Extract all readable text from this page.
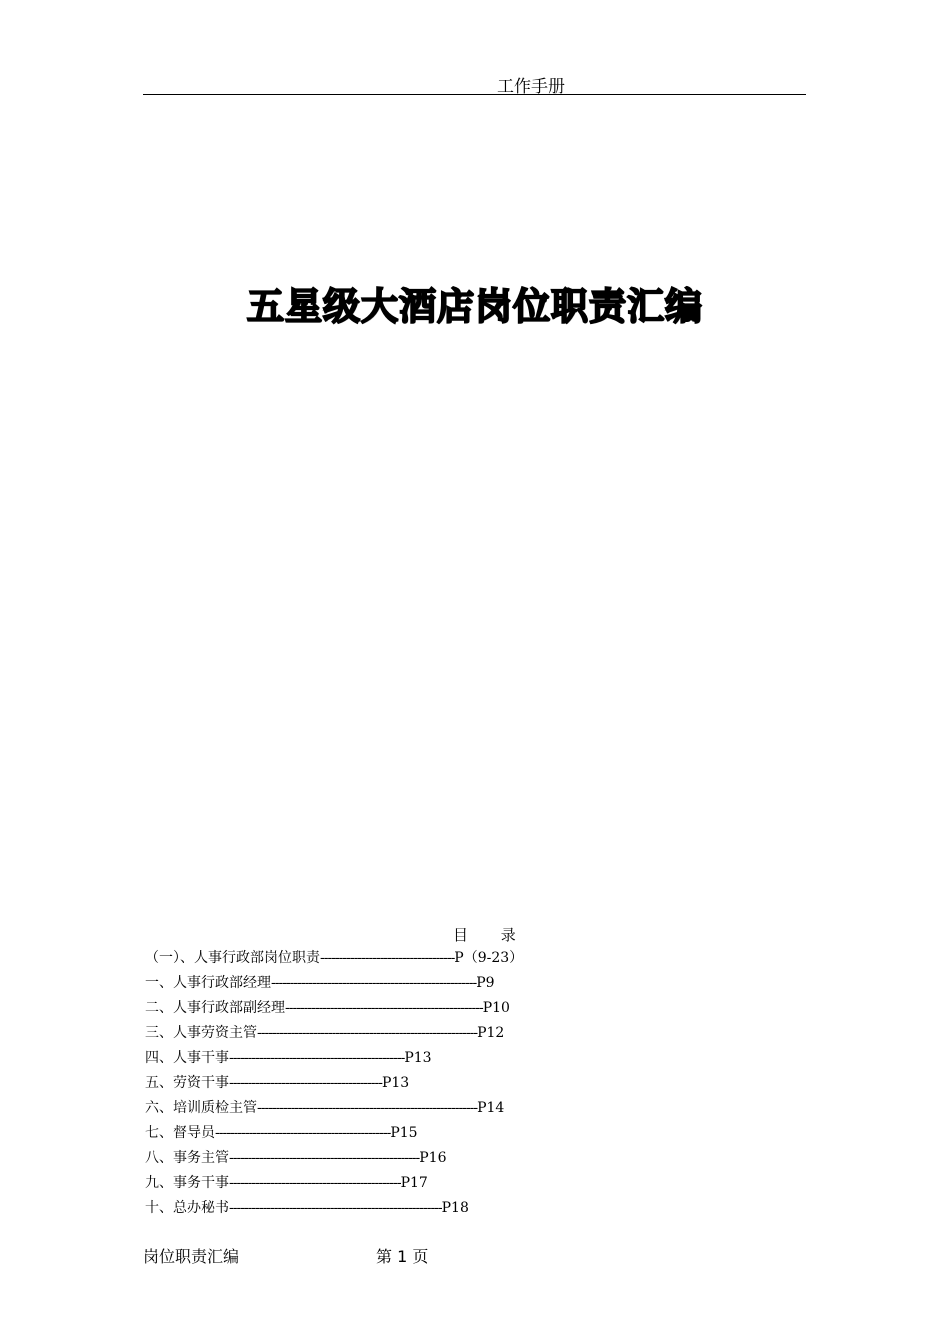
工作手册
五星级大酒店岗位职责汇编
目 录
（一）、人事行政部岗位职责------------------------------------P（9-23）
一、人事行政部经理-------------------------------------------------------P9
二、人事行政部副经理-----------------------------------------------------P10
三、人事劳资主管-----------------------------------------------------------P12
四、人事干事-----------------------------------------------P13
五、劳资干事-----------------------------------------P13
六、培训质检主管-----------------------------------------------------------P14
七、督导员-----------------------------------------------P15
八、事务主管---------------------------------------------------P16
九、事务干事----------------------------------------------P17
十、总办秘书---------------------------------------------------------P18
岗位职责汇编	第 1 页
